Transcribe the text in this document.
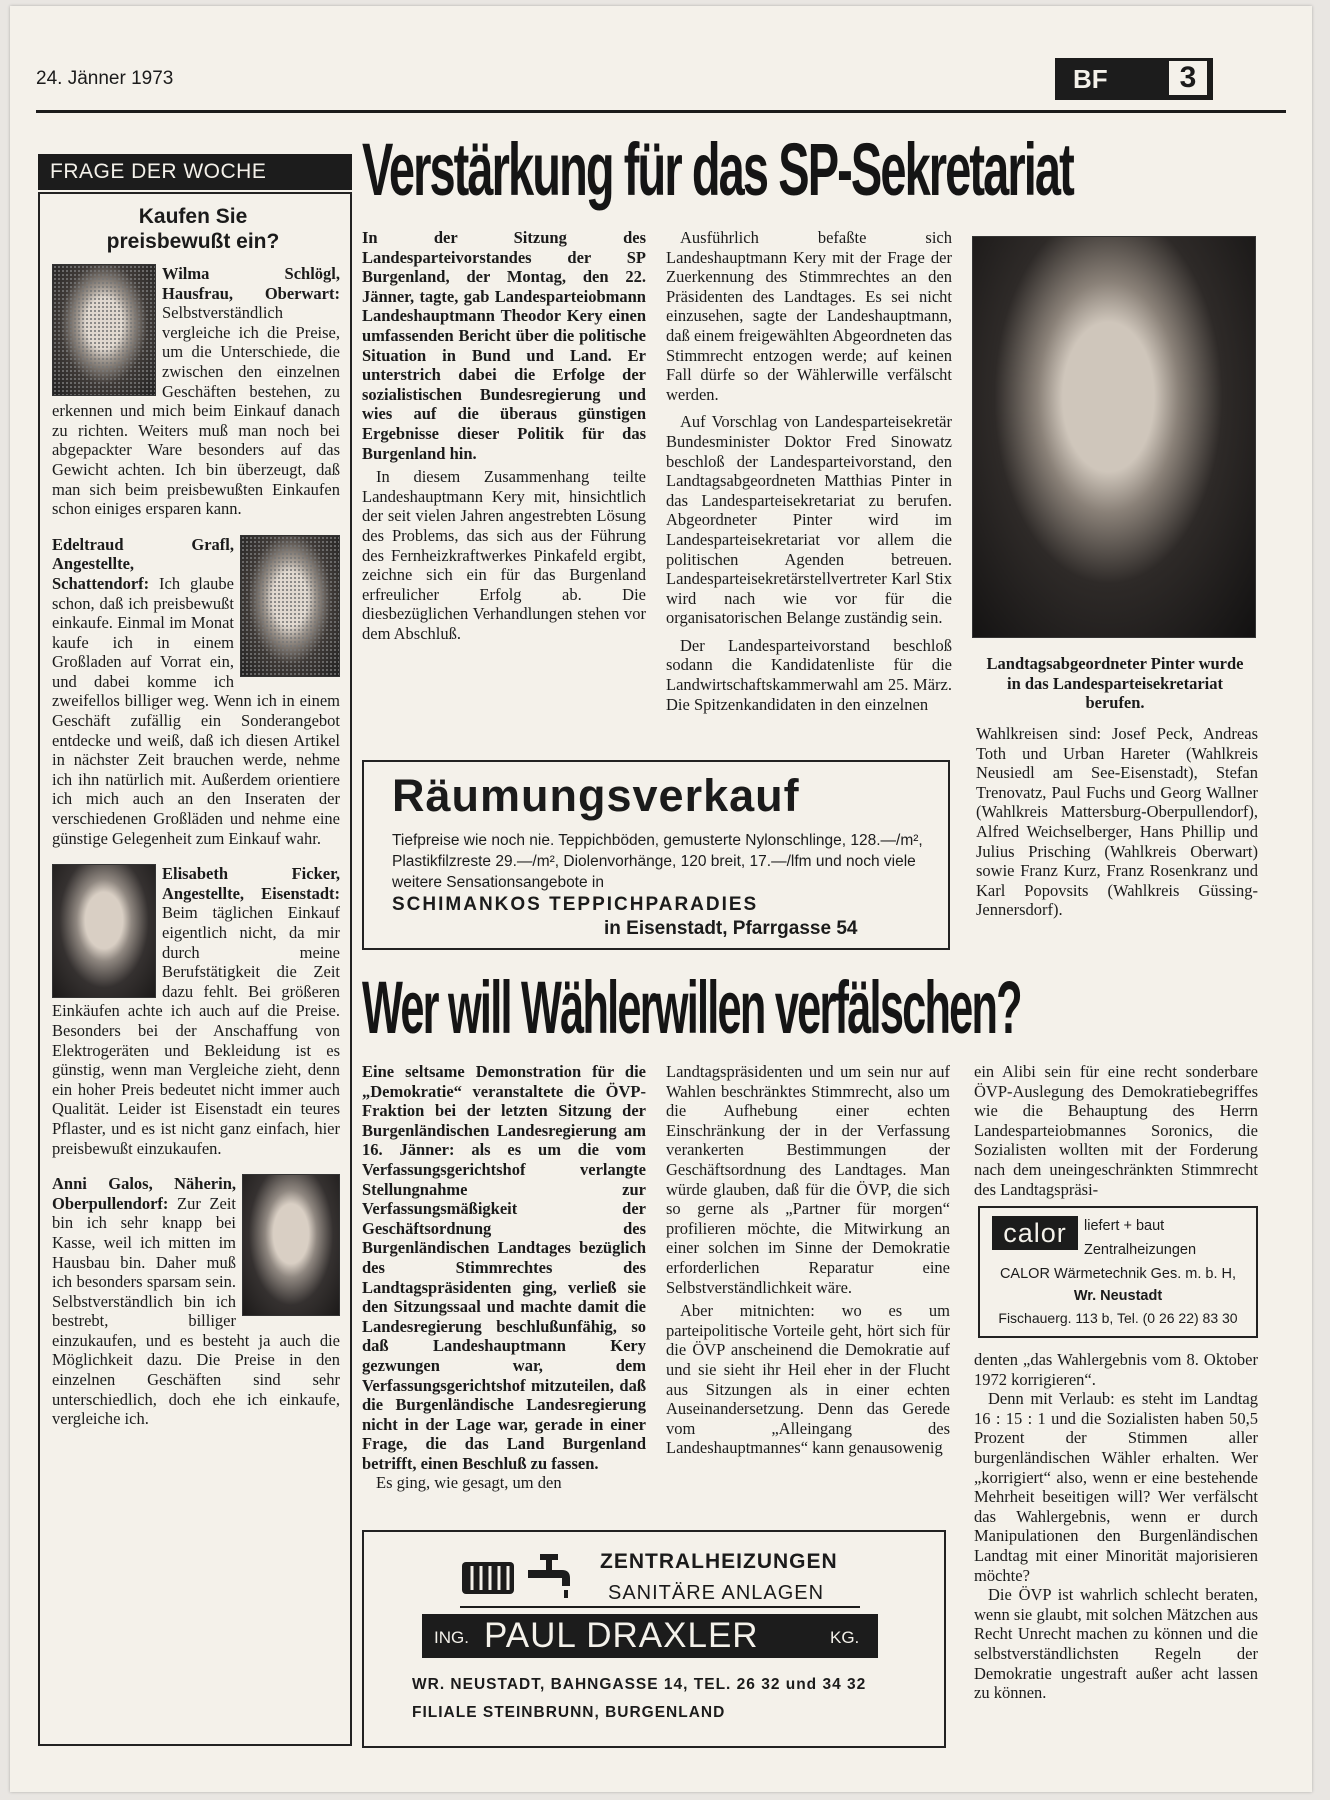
24. Jänner 1973	BF	3
FRAGE DER WOCHE
Kaufen Sie preisbewußt ein?
Wilma Schlögl, Hausfrau, Oberwart: Selbstverständlich vergleiche ich die Preise, um die Unterschiede, die zwischen den einzelnen Geschäften bestehen, zu erkennen und mich beim Einkauf danach zu richten. Weiters muß man noch bei abgepackter Ware besonders auf das Gewicht achten. Ich bin überzeugt, daß man sich beim preisbewußten Einkaufen schon einiges ersparen kann.
Edeltraud Grafl, Angestellte, Schattendorf: Ich glaube schon, daß ich preisbewußt einkaufe. Einmal im Monat kaufe ich in einem Großladen auf Vorrat ein, und dabei komme ich zweifellos billiger weg. Wenn ich in einem Geschäft zufällig ein Sonderangebot entdecke und weiß, daß ich diesen Artikel in nächster Zeit brauchen werde, nehme ich ihn natürlich mit. Außerdem orientiere ich mich auch an den Inseraten der verschiedenen Großläden und nehme eine günstige Gelegenheit zum Einkauf wahr.
Elisabeth Ficker, Angestellte, Eisenstadt: Beim täglichen Einkauf eigentlich nicht, da mir durch meine Berufstätigkeit die Zeit dazu fehlt. Bei größeren Einkäufen achte ich auch auf die Preise. Besonders bei der Anschaffung von Elektrogeräten und Bekleidung ist es günstig, wenn man Vergleiche zieht, denn ein hoher Preis bedeutet nicht immer auch Qualität. Leider ist Eisenstadt ein teures Pflaster, und es ist nicht ganz einfach, hier preisbewußt einzukaufen.
Anni Galos, Näherin, Oberpullendorf: Zur Zeit bin ich sehr knapp bei Kasse, weil ich mitten im Hausbau bin. Daher muß ich besonders sparsam sein. Selbstverständlich bin ich bestrebt, billiger einzukaufen, und es besteht ja auch die Möglichkeit dazu. Die Preise in den einzelnen Geschäften sind sehr unterschiedlich, doch ehe ich einkaufe, vergleiche ich.
Verstärkung für das SP-Sekretariat

In der Sitzung des Landesparteivorstandes der SP Burgenland, der Montag, den 22. Jänner, tagte, gab Landesparteiobmann Landeshauptmann Theodor Kery einen umfassenden Bericht über die politische Situation in Bund und Land. Er unterstrich dabei die Erfolge der sozialistischen Bundesregierung und wies auf die überaus günstigen Ergebnisse dieser Politik für das Burgenland hin.

In diesem Zusammenhang teilte Landeshauptmann Kery mit, hinsichtlich der seit vielen Jahren angestrebten Lösung des Problems, das sich aus der Führung des Fernheizkraftwerkes Pinkafeld ergibt, zeichne sich ein für das Burgenland erfreulicher Erfolg ab. Die diesbezüglichen Verhandlungen stehen vor dem Abschluß.

Ausführlich befaßte sich Landeshauptmann Kery mit der Frage der Zuerkennung des Stimmrechtes an den Präsidenten des Landtages. Es sei nicht einzusehen, sagte der Landeshauptmann, daß einem freigewählten Abgeordneten das Stimmrecht entzogen werde; auf keinen Fall dürfe so der Wählerwille verfälscht werden.

Auf Vorschlag von Landesparteisekretär Bundesminister Doktor Fred Sinowatz beschloß der Landesparteivorstand, den Landtagsabgeordneten Matthias Pinter in das Landesparteisekretariat zu berufen. Abgeordneter Pinter wird im Landesparteisekretariat vor allem die politischen Agenden betreuen. Landesparteisekretärstellvertreter Karl Stix wird nach wie vor für die organisatorischen Belange zuständig sein.

Der Landesparteivorstand beschloß sodann die Kandidatenliste für die Landwirtschaftskammerwahl am 25. März. Die Spitzenkandidaten in den einzelnen

Landtagsabgeordneter Pinter wurde in das Landesparteisekretariat berufen.

Wahlkreisen sind: Josef Peck, Andreas Toth und Urban Hareter (Wahlkreis Neusiedl am See-Eisenstadt), Stefan Trenovatz, Paul Fuchs und Georg Wallner (Wahlkreis Mattersburg-Oberpullendorf), Alfred Weichselberger, Hans Phillip und Julius Prisching (Wahlkreis Oberwart) sowie Franz Kurz, Franz Rosenkranz und Karl Popovsits (Wahlkreis Güssing-Jennersdorf).

Räumungsverkauf
Tiefpreise wie noch nie. Teppichböden, gemusterte Nylonschlinge, 128.—/m², Plastikfilzreste 29.—/m², Diolenvorhänge, 120 breit, 17.—/lfm und noch viele weitere Sensationsangebote in
SCHIMANKOS TEPPICHPARADIES
in Eisenstadt, Pfarrgasse 54
Wer will Wählerwillen verfälschen?

Eine seltsame Demonstration für die „Demokratie“ veranstaltete die ÖVP-Fraktion bei der letzten Sitzung der Burgenländischen Landesregierung am 16. Jänner: als es um die vom Verfassungsgerichtshof verlangte Stellungnahme zur Verfassungsmäßigkeit der Geschäftsordnung des Burgenländischen Landtages bezüglich des Stimmrechtes des Landtagspräsidenten ging, verließ sie den Sitzungssaal und machte damit die Landesregierung beschlußunfähig, so daß Landeshauptmann Kery gezwungen war, dem Verfassungsgerichtshof mitzuteilen, daß die Burgenländische Landesregierung nicht in der Lage war, gerade in einer Frage, die das Land Burgenland betrifft, einen Beschluß zu fassen.

Es ging, wie gesagt, um den

Landtagspräsidenten und um sein nur auf Wahlen beschränktes Stimmrecht, also um die Aufhebung einer echten Einschränkung der in der Verfassung verankerten Bestimmungen der Geschäftsordnung des Landtages. Man würde glauben, daß für die ÖVP, die sich so gerne als „Partner für morgen“ profilieren möchte, die Mitwirkung an einer solchen im Sinne der Demokratie erforderlichen Reparatur eine Selbstverständlichkeit wäre.

Aber mitnichten: wo es um parteipolitische Vorteile geht, hört sich für die ÖVP anscheinend die Demokratie auf und sie sieht ihr Heil eher in der Flucht aus Sitzungen als in einer echten Auseinandersetzung. Denn das Gerede vom „Alleingang des Landeshauptmannes“ kann genausowenig

ein Alibi sein für eine recht sonderbare ÖVP-Auslegung des Demokratiebegriffes wie die Behauptung des Herrn Landesparteiobmannes Soronics, die Sozialisten wollten mit der Forderung nach dem uneingeschränkten Stimmrecht des Landtagspräsi-

calor	liefert + baut
Zentralheizungen
CALOR Wärmetechnik Ges. m. b. H,
Wr. Neustadt
Fischauerg. 113 b, Tel. (0 26 22) 83 30

denten „das Wahlergebnis vom 8. Oktober 1972 korrigieren“.

Denn mit Verlaub: es steht im Landtag 16 : 15 : 1 und die Sozialisten haben 50,5 Prozent der Stimmen aller burgenländischen Wähler erhalten. Wer „korrigiert“ also, wenn er eine bestehende Mehrheit beseitigen will? Wer verfälscht das Wahlergebnis, wenn er durch Manipulationen den Burgenländischen Landtag mit einer Minorität majorisieren möchte?

Die ÖVP ist wahrlich schlecht beraten, wenn sie glaubt, mit solchen Mätzchen aus Recht Unrecht machen zu können und die selbstverständlichsten Regeln der Demokratie ungestraft außer acht lassen zu können.

ZENTRALHEIZUNGEN
SANITÄRE ANLAGEN
ING. PAUL DRAXLER	KG.
WR. NEUSTADT, BAHNGASSE 14, TEL. 26 32 und 34 32
FILIALE STEINBRUNN, BURGENLAND
